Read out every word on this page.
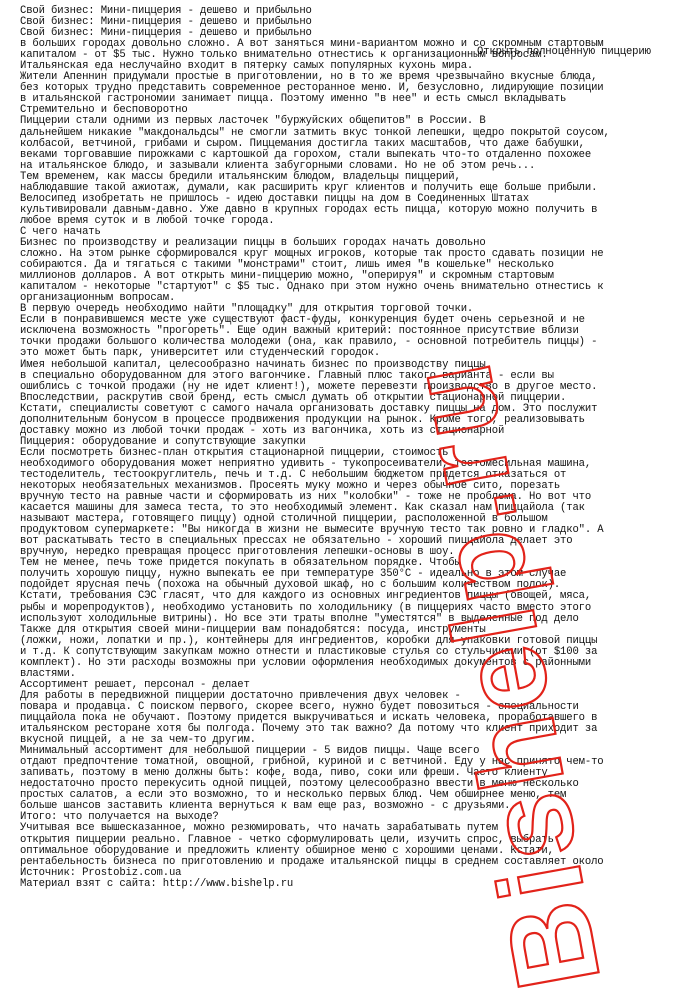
Свой бизнес: Мини-пиццерия - дешево и прибыльно
Свой бизнес: Мини-пиццерия - дешево и прибыльно
Свой бизнес: Мини-пиццерия - дешево и прибыльно
в больших городах довольно сложно. А вот заняться мини-вариантом можно и со скромным стартовым
капиталом - от $5 тыс. Нужно только внимательно отнестись к организационным вопросам.
Итальянская еда неслучайно входит в пятерку самых популярных кухонь мира.
Жители Апеннин придумали простые в приготовлении, но в то же время чрезвычайно вкусные блюда,
без которых трудно представить современное ресторанное меню. И, безусловно, лидирующие позиции
в итальянской гастрономии занимает пицца. Поэтому именно "в нее" и есть смысл вкладывать
Стремительно и бесповоротно
Пиццерии стали одними из первых ласточек "буржуйских общепитов" в России. В
дальнейшем никакие "макдональдсы" не смогли затмить вкус тонкой лепешки, щедро покрытой соусом,
колбасой, ветчиной, грибами и сыром. Пиццемания достигла таких масштабов, что даже бабушки,
веками торговавшие пирожками с картошкой да горохом, стали выпекать что-то отдаленно похожее
на итальянское блюдо, и зазывали клиента забугорными словами. Но не об этом речь...
Тем временем, как массы бредили итальянским блюдом, владельцы пиццерий,
наблюдавшие такой ажиотаж, думали, как расширить круг клиентов и получить еще больше прибыли.
Велосипед изобретать не пришлось - идею доставки пиццы на дом в Соединенных Штатах
культивировали давным-давно. Уже давно в крупных городах есть пицца, которую можно получить в
любое время суток и в любой точке города.
С чего начать
Бизнес по производству и реализации пиццы в больших городах начать довольно
сложно. На этом рынке сформировался круг мощных игроков, которые так просто сдавать позиции не
собираются. Да и тягаться с такими "монстрами" стоит, лишь имея "в кошельке" несколько
миллионов долларов. А вот открыть мини-пиццерию можно, "оперируя" и скромным стартовым
капиталом - некоторые "стартуют" с $5 тыс. Однако при этом нужно очень внимательно отнестись к
организационным вопросам.
В первую очередь необходимо найти "площадку" для открытия торговой точки.
Если в понравившемся месте уже существуют фаст-фуды, конкуренция будет очень серьезной и не
исключена возможность "прогореть". Еще один важный критерий: постоянное присутствие вблизи
точки продажи большого количества молодежи (она, как правило, - основной потребитель пиццы) -
это может быть парк, университет или студенческий городок.
Имея небольшой капитал, целесообразно начинать бизнес по производству пиццы
в специально оборудованном для этого вагончике. Главный плюс такого варианта - если вы
ошиблись с точкой продажи (ну не идет клиент!), можете перевезти производство в другое место.
Впоследствии, раскрутив свой бренд, есть смысл думать об открытии стационарной пиццерии.
Кстати, специалисты советуют с самого начала организовать доставку пиццы на дом. Это послужит
дополнительным бонусом в процессе продвижения продукции на рынок. Кроме того, реализовывать
доставку можно из любой точки продаж - хоть из вагончика, хоть из стационарной
Пиццерия: оборудование и сопутствующие закупки
Если посмотреть бизнес-план открытия стационарной пиццерии, стоимость
необходимого оборудования может неприятно удивить - тукопросеиватели, тестомесильная машина,
тестоделитель, тестоокруглитель, печь и т.д. С небольшим бюджетом придется отказаться от
некоторых необязательных механизмов. Просеять муку можно и через обычное сито, порезать
вручную тесто на равные части и сформировать из них "колобки" - тоже не проблема. Но вот что
касается машины для замеса теста, то это необходимый элемент. Как сказал нам пиццайола (так
называют мастера, готовящего пиццу) одной столичной пиццерии, расположенной в большом
продуктовом супермаркете: "Вы никогда в жизни не вымесите вручную тесто так ровно и гладко". А
вот раскатывать тесто в специальных прессах не обязательно - хороший пиццайола делает это
вручную, нередко превращая процесс приготовления лепешки-основы в шоу.
Тем не менее, печь тоже придется покупать в обязательном порядке. Чтобы
получить хорошую пиццу, нужно выпекать ее при температуре 350°C - идеально в этом случае
подойдет ярусная печь (похожа на обычный духовой шкаф, но с большим количеством полок).
Кстати, требования СЭС гласят, что для каждого из основных ингредиентов пиццы (овощей, мяса,
рыбы и морепродуктов), необходимо установить по холодильнику (в пиццериях часто вместо этого
используют холодильные витрины). Но все эти траты вполне "уместятся" в выделенные под дело
Также для открытия своей мини-пиццерии вам понадобятся: посуда, инструменты
(ложки, ножи, лопатки и пр.), контейнеры для ингредиентов, коробки для упаковки готовой пиццы
и т.д. К сопутствующим закупкам можно отнести и пластиковые стулья со стульчиками (от $100 за
комплект). Но эти расходы возможны при условии оформления необходимых документов с районными
властями.
Ассортимент решает, персонал - делает
Для работы в передвижной пиццерии достаточно привлечения двух человек -
повара и продавца. С поиском первого, скорее всего, нужно будет повозиться - специальности
пиццайола пока не обучают. Поэтому придется выкручиваться и искать человека, проработавшего в
итальянском ресторане хотя бы полгода. Почему это так важно? Да потому что клиент приходит за
вкусной пиццей, а не за чем-то другим.
Минимальный ассортимент для небольшой пиццерии - 5 видов пиццы. Чаще всего
отдают предпочтение томатной, овощной, грибной, куриной и с ветчиной. Еду у нас принято чем-то
запивать, поэтому в меню должны быть: кофе, вода, пиво, соки или фреши. Часто клиенту
недостаточно просто перекусить одной пиццей, поэтому целесообразно ввести в меню несколько
простых салатов, а если это возможно, то и несколько первых блюд. Чем обширнее меню, тем
больше шансов заставить клиента вернуться к вам еще раз, возможно - с друзьями.
Итого: что получается на выходе?
Учитывая все вышесказанное, можно резюмировать, что начать зарабатывать путем
открытия пиццерии реально. Главное - четко сформулировать цели, изучить спрос, выбрать
оптимальное оборудование и предложить клиенту обширное меню с хорошими ценами. Кстати,
рентабельность бизнеса по приготовлению и продаже итальянской пиццы в среднем составляет около
Источник: Prostobiz.com.ua
Материал взят с сайта: http://www.bishelp.ru
Открыть полноценную пиццерию
Bishelp.ru
